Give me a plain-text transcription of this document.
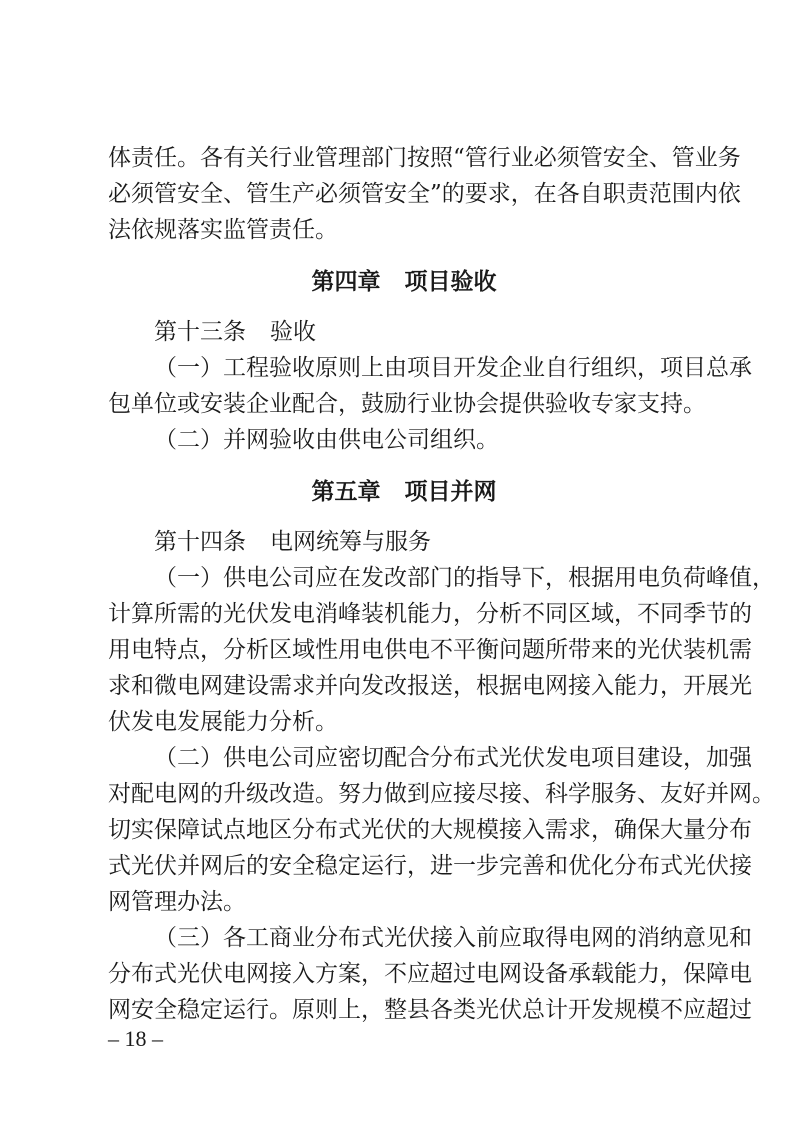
体责任。各有关行业管理部门按照“管行业必须管安全、管业务
必须管安全、管生产必须管安全”的要求，在各自职责范围内依
法依规落实监管责任。
第四章 项目验收
第十三条 验收
（一）工程验收原则上由项目开发企业自行组织，项目总承
包单位或安装企业配合，鼓励行业协会提供验收专家支持。
（二）并网验收由供电公司组织。
第五章 项目并网
第十四条 电网统筹与服务
（一）供电公司应在发改部门的指导下，根据用电负荷峰值，
计算所需的光伏发电消峰装机能力，分析不同区域，不同季节的
用电特点，分析区域性用电供电不平衡问题所带来的光伏装机需
求和微电网建设需求并向发改报送，根据电网接入能力，开展光
伏发电发展能力分析。
（二）供电公司应密切配合分布式光伏发电项目建设，加强
对配电网的升级改造。努力做到应接尽接、科学服务、友好并网。
切实保障试点地区分布式光伏的大规模接入需求，确保大量分布
式光伏并网后的安全稳定运行，进一步完善和优化分布式光伏接
网管理办法。
（三）各工商业分布式光伏接入前应取得电网的消纳意见和
分布式光伏电网接入方案，不应超过电网设备承载能力，保障电
网安全稳定运行。原则上，整县各类光伏总计开发规模不应超过
– 18 –
